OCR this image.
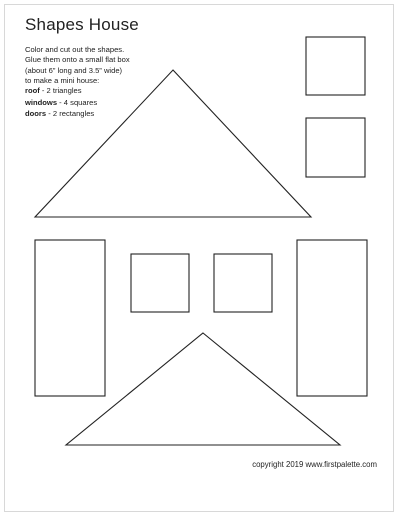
Shapes House
Color and cut out the shapes.
Glue them onto a small flat box
(about 6” long and 3.5” wide)
to make a mini house:
roof - 2 triangles
windows - 4 squares
doors - 2 rectangles
copyright 2019 www.firstpalette.com
